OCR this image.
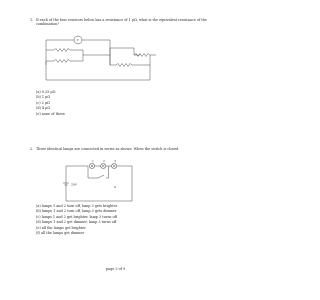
1. If each of the four resistors below has a resistance of 1 μΩ, what is the equivalent resistance of the
combination?
V
(a) 0.25 μΩ
(b) 1 μΩ
(c) 2 μΩ
(d) 4 μΩ
(e) none of these
2. Three identical lamps are connected in series as shown. When the switch is closed
1	2	3
20V
S
(a) lamps 1 and 2 turn off, lamp 3 gets brighter
(b) lamps 1 and 2 turn off, lamp 3 gets dimmer
(c) lamps 1 and 2 get brighter, lamp 3 turns off
(d) lamps 1 and 2 get dimmer, lamp 3 turns off
(e) all the lamps get brighter
(f) all the lamps get dimmer
page 3 of 9
